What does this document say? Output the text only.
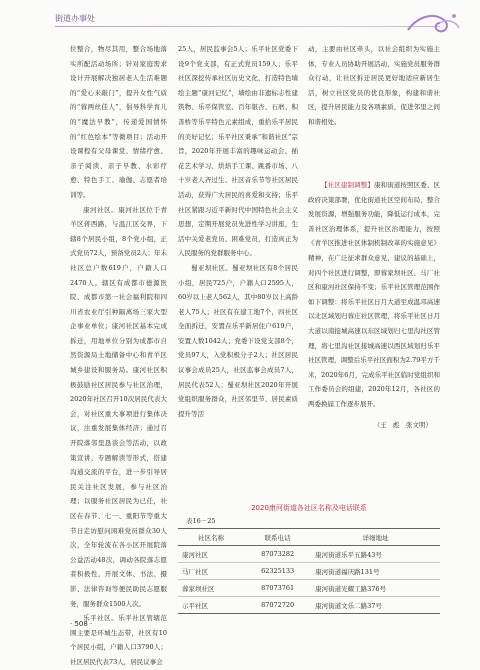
街道办事处

位整合，物尽其用，整合场地落实所配活动场所；针对家庭需求设计开展解决独居老人生活难题的“爱心来敲门”，提升女性气质的“蓉两丝佳人”，倡导科学育儿的“魔法早教”，传递爱国情怀的“红色绘本”等微项目；活动开设课程有父母课堂、情绪疗愈、亲子阅读、亲子早教、水彩疗愈、特色手工、瑜伽、志愿者培训等。

康河社区。康河社区位于青羊区蒋西路，与温江区交界，下辖8个居民小组，8个党小组，正式党员72人，预备党员2人；年末社区总户数619户，户籍人口2470人。辖区有成都市德源医院、成都市第一社会福利院和四川省农业厅引种隔离场三家大型企事业单位；康河社区基本完成拆迁，用地单位分别为成都市自然资源局土地储备中心和青羊区城乡建设和服务局。康河社区积极鼓励社区居民参与社区治理，2020年社区召开10次居民代表大会，对社区重大事项进行集体决议，注重发展集体经济；通过召开院落邻里恳谈会等活动，以政策宣讲、专题解读等形式，搭建沟通交流的平台，进一步引导居民关注社区发展，参与社区治理；以服务社区居民为已任，社区在春节、七一、重阳节等重大节日走访慰问困难党员群众30人次，全年轮流在各小区开展院落公益活动48次，调动各院落志愿者积极性，开展文体、书法、摄影、法律咨询等便民助民志愿服务，服务群众1500人次。

乐平社区。乐平社区管辖范围主要是环城生态带，社区有10个居民小组，户籍人口3790人；社区居民代表73人，居民议事会

25人，居民监事会5人；乐平社区党委下设9个党支部，有正式党员159人；乐平社区深挖传承社区历史文化，打造特色墙绘主题“康河记忆”，墙绘由非遗标志性建筑物、乐平保管室、百年银杏、石磨、积善桥等乐平特色元素组成，重拾乐平居民的美好记忆；乐平社区秉承“和谐社区”宗旨，2020年开展丰富的趣味运动会、插花艺术学习、烘焙手工课、跳番市场、八十岁老人齐过生、社区音乐节等社区居民活动，获得广大居民的喜爱和支持；乐平社区紧跟习近平新时代中国特色社会主义思想，定期开展党员先进性学习讲座，生活中关爱老党员、困难党员，打造真正为人民服务的党群服务中心。

蜀亚坝社区。蜀亚坝社区有8个居民小组，居民725户，户籍人口2595人，60岁以上老人562人，其中80岁以上高龄老人75人；社区有在建工地7个，四社区全面拆迁，安置在乐平新居住户619户，安置人数1042人；党委下设党支部8个，党员97人，入党积极分子2人；社区居民议事会成员25人，社区监事会成员7人，居民代表52人；蜀亚坝社区2020年开展党组织服务群众，社区邻里节、居民素质提升等活

动，主要由社区牵头，以社会组织为实施主体，专业人员协助开展活动，实施党员服务群众行动，让社区拆迁居民更好地适应新居生活，树立社区党员的优良形象，构建和谐社区，提升居民能力及各项素质，促进邻里之间和谐相处。

【社区建制调整】康和街道按照区委、区政府决策部署，优化街道社区空间布局，整合发展资源，增强服务功能，降低运行成本，完善社区治理体系，提升社区治理能力，按照《青羊区推进社区体制机制改革的实施意见》精神，在广泛征求群众意见、建议的基础上，对四个社区进行调整，即蓉家坝社区、马厂社区和康河社区保持不变；乐平社区管理范围作如下调整：将乐平社区日月大道至成温邛高速以北区域划归蓉庄社区管理，将乐平社区日月大道以南接城高速以东区域划归七里沟社区管理，将七里沟社区接城高速以西区域划归乐平社区管理，调整后乐平社区面积为2.79平方千米，2020年6月，完成乐平社区临时党组织和工作委员会的组建，2020年12月，各社区的两委换届工作逐步展开。

（王　彪　张文明）
2020康河街道各社区名称及电话联系
表16－25
社区名称	联系电话	详细地址
康河社区	87073282	康河街道乐平五路43号
马厂社区	62325133	康河街道福庆路131号
蓉家坝社区	87073761	康河街道光耀工路376号
示平社区	87072720	康河街道文乐二路37号
· 508 ·
